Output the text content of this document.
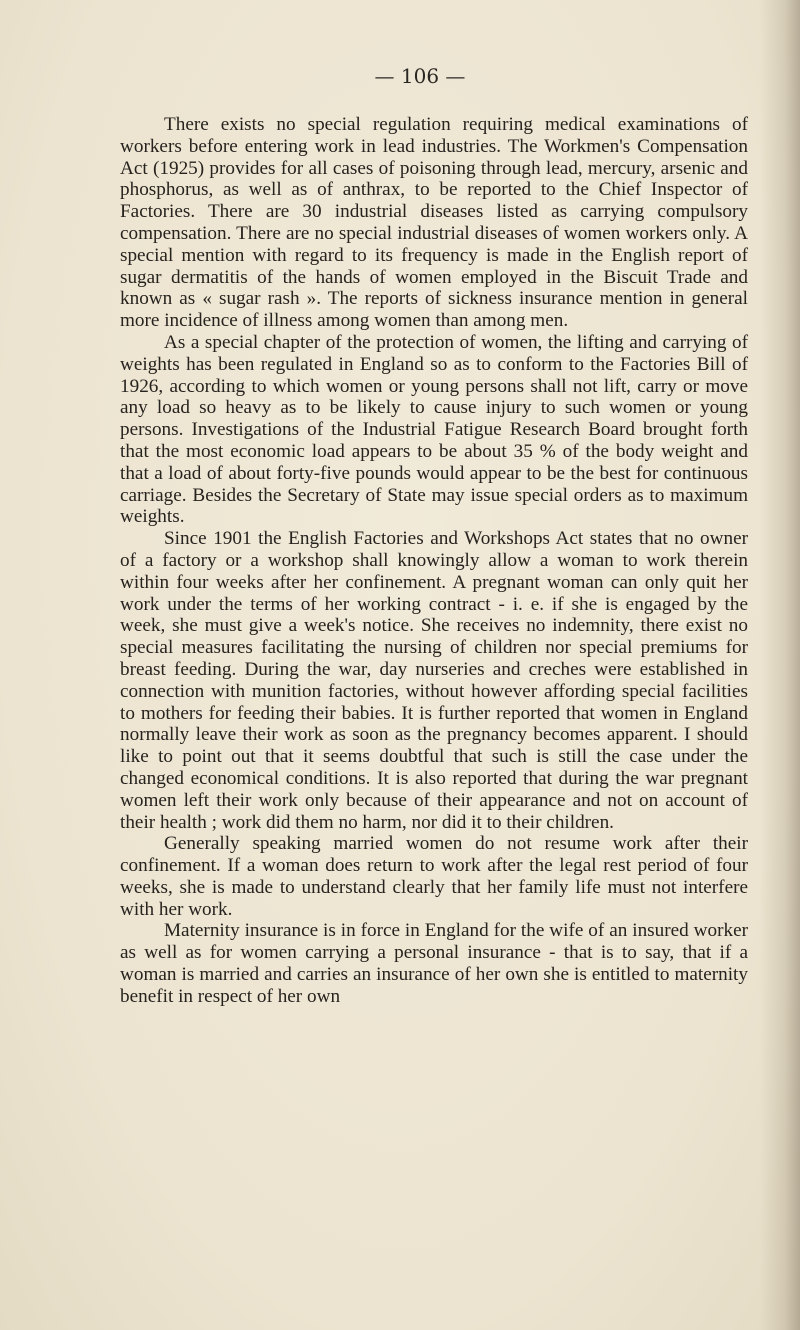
— 106 —

There exists no special regulation requiring medical examinations of workers before entering work in lead industries. The Workmen's Compensation Act (1925) provides for all cases of poisoning through lead, mercury, arsenic and phosphorus, as well as of anthrax, to be reported to the Chief Inspector of Factories. There are 30 industrial diseases listed as carrying compulsory compensation. There are no special industrial diseases of women workers only. A special mention with regard to its frequency is made in the English report of sugar dermatitis of the hands of women employed in the Biscuit Trade and known as « sugar rash ». The reports of sickness insurance mention in general more incidence of illness among women than among men.

As a special chapter of the protection of women, the lifting and carrying of weights has been regulated in England so as to conform to the Factories Bill of 1926, according to which women or young persons shall not lift, carry or move any load so heavy as to be likely to cause injury to such women or young persons. Investigations of the Industrial Fatigue Research Board brought forth that the most economic load appears to be about 35 % of the body weight and that a load of about forty-five pounds would appear to be the best for continuous carriage. Besides the Secretary of State may issue special orders as to maximum weights.

Since 1901 the English Factories and Workshops Act states that no owner of a factory or a workshop shall knowingly allow a woman to work therein within four weeks after her confinement. A pregnant woman can only quit her work under the terms of her working contract - i. e. if she is engaged by the week, she must give a week's notice. She receives no indemnity, there exist no special measures facilitating the nursing of children nor special premiums for breast feeding. During the war, day nurseries and creches were established in connection with munition factories, without however affording special facilities to mothers for feeding their babies. It is further reported that women in England normally leave their work as soon as the pregnancy becomes apparent. I should like to point out that it seems doubtful that such is still the case under the changed economical conditions. It is also reported that during the war pregnant women left their work only because of their appearance and not on account of their health ; work did them no harm, nor did it to their children.

Generally speaking married women do not resume work after their confinement. If a woman does return to work after the legal rest period of four weeks, she is made to understand clearly that her family life must not interfere with her work.

Maternity insurance is in force in England for the wife of an insured worker as well as for women carrying a personal insurance - that is to say, that if a woman is married and carries an insurance of her own she is entitled to maternity benefit in respect of her own
